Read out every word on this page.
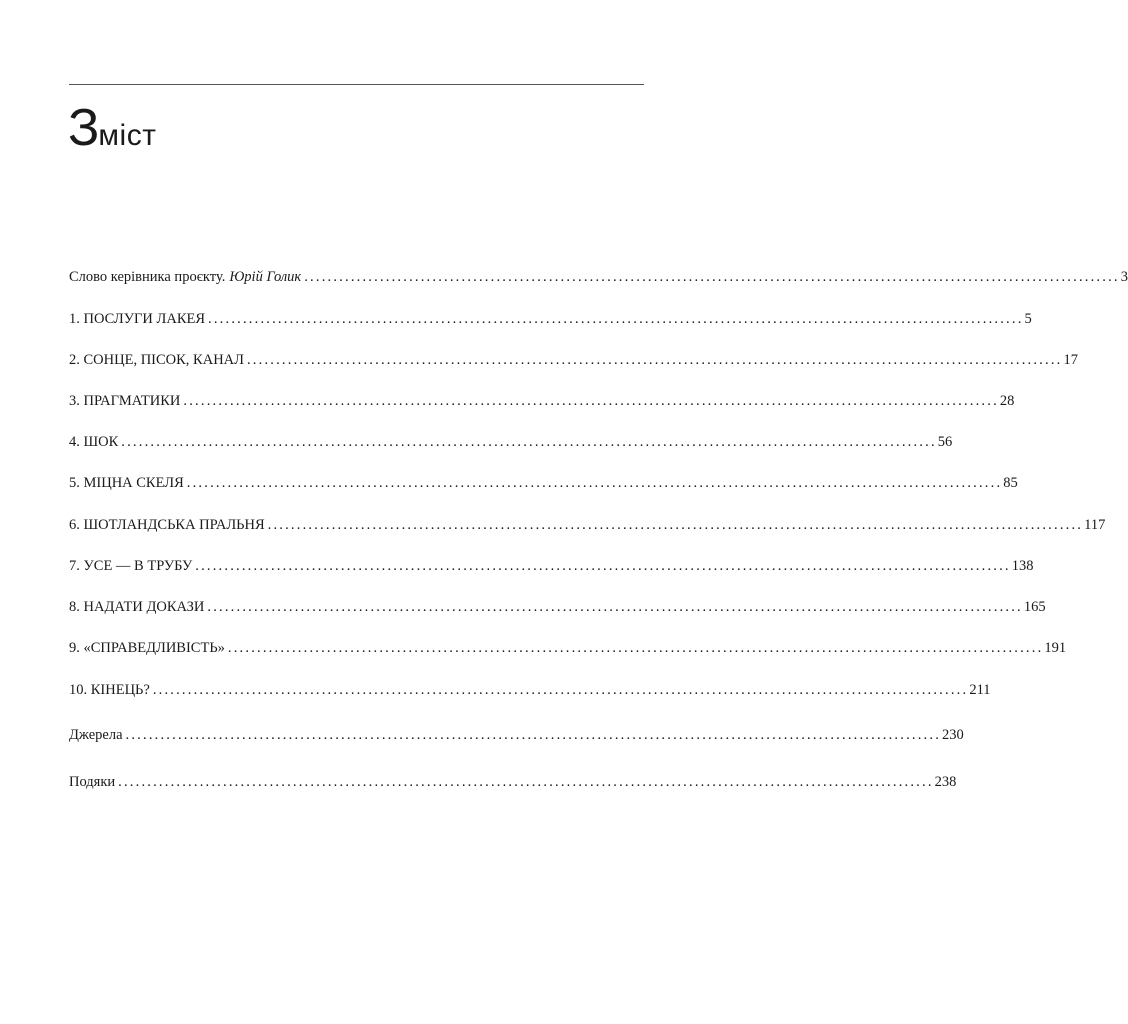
Зміст
Слово керівника проєкту. Юрій Голик ............................................................................................................................................ 3
1. ПОСЛУГИ ЛАКЕЯ ............................................................................................................................................ 5
2. СОНЦЕ, ПІСОК, КАНАЛ ............................................................................................................................................ 17
3. ПРАГМАТИКИ ............................................................................................................................................ 28
4. ШОК ............................................................................................................................................ 56
5. МІЦНА СКЕЛЯ ............................................................................................................................................ 85
6. ШОТЛАНДСЬКА ПРАЛЬНЯ ............................................................................................................................................ 117
7. УСЕ — В ТРУБУ ............................................................................................................................................ 138
8. НАДАТИ ДОКАЗИ ............................................................................................................................................ 165
9. «СПРАВЕДЛИВІСТЬ» ............................................................................................................................................ 191
10. КІНЕЦЬ? ............................................................................................................................................ 211
Джерела ............................................................................................................................................ 230
Подяки ............................................................................................................................................ 238
